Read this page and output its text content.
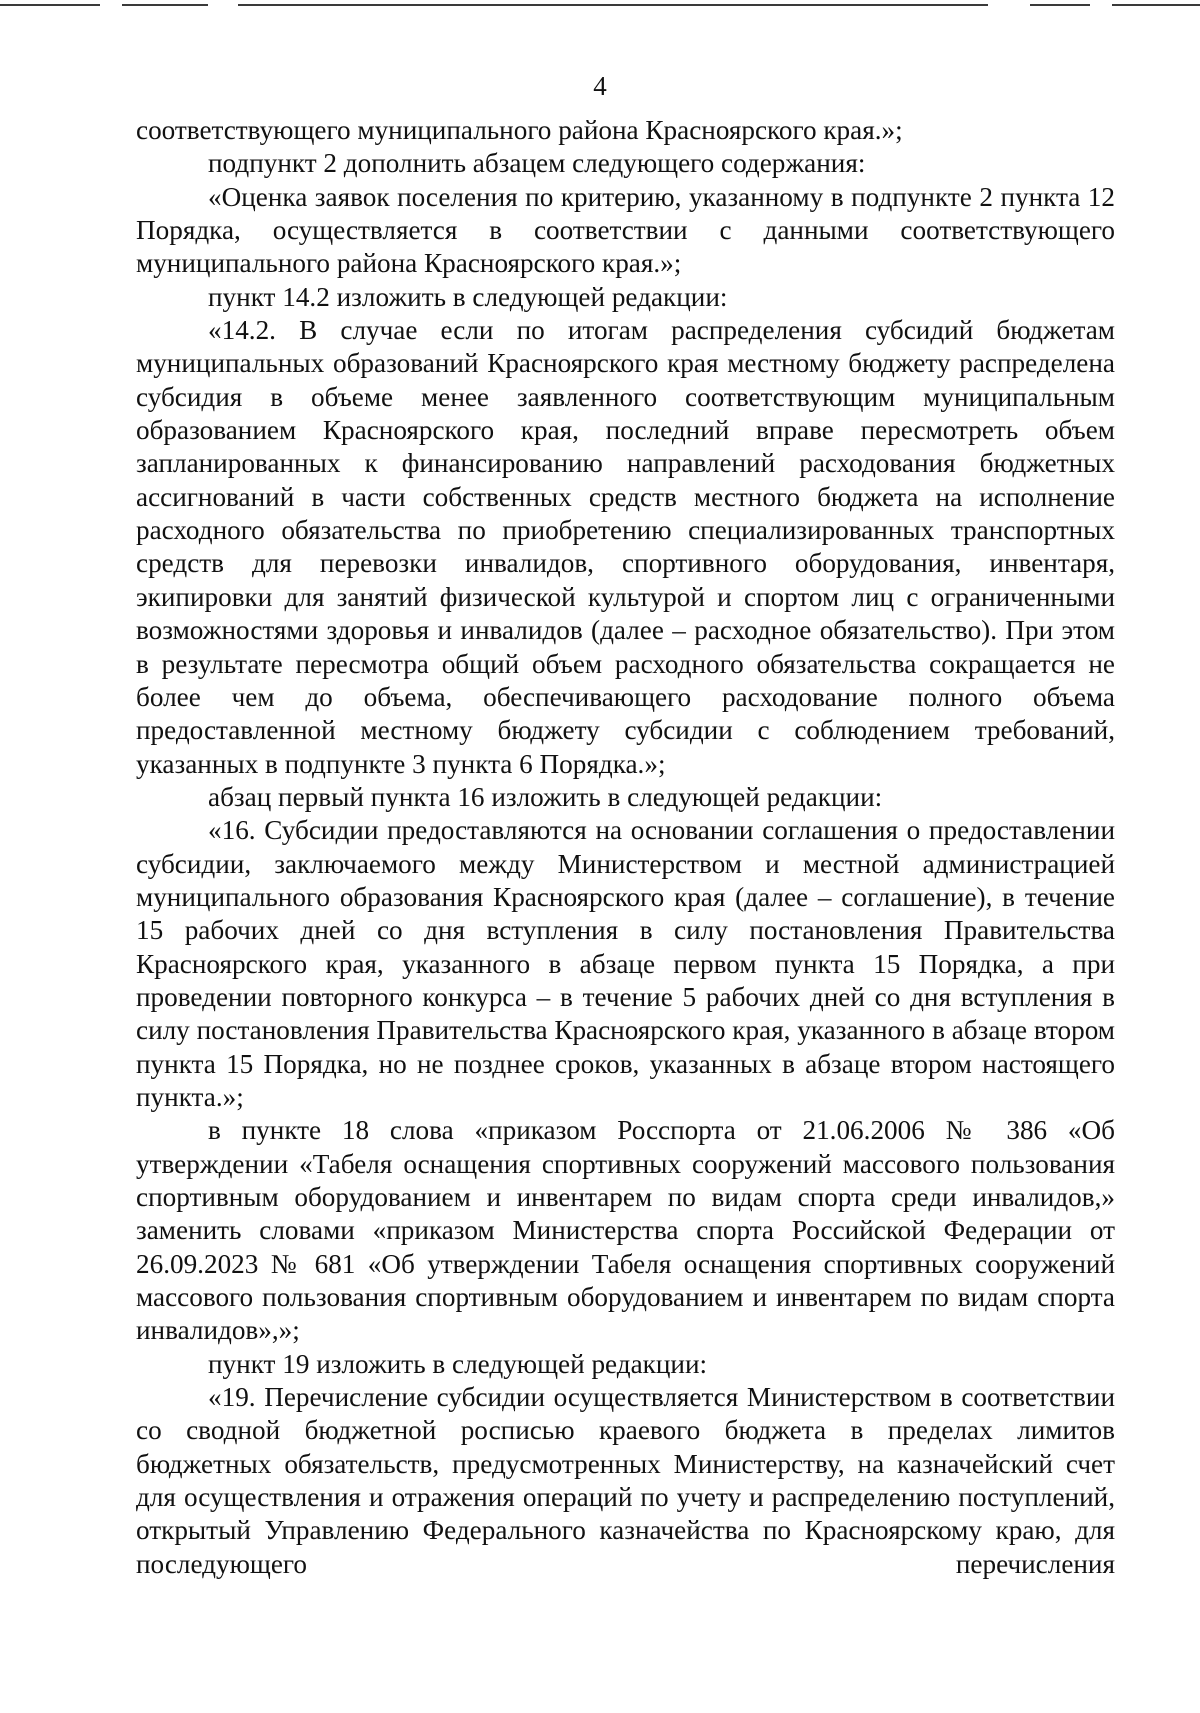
4

соответствующего муниципального района Красноярского края.»;

подпункт 2 дополнить абзацем следующего содержания:

«Оценка заявок поселения по критерию, указанному в подпункте 2 пункта 12 Порядка, осуществляется в соответствии с данными соответствующего муниципального района Красноярского края.»;

пункт 14.2 изложить в следующей редакции:

«14.2. В случае если по итогам распределения субсидий бюджетам муниципальных образований Красноярского края местному бюджету распределена субсидия в объеме менее заявленного соответствующим муниципальным образованием Красноярского края, последний вправе пересмотреть объем запланированных к финансированию направлений расходования бюджетных ассигнований в части собственных средств местного бюджета на исполнение расходного обязательства по приобретению специализированных транспортных средств для перевозки инвалидов, спортивного оборудования, инвентаря, экипировки для занятий физической культурой и спортом лиц с ограниченными возможностями здоровья и инвалидов (далее – расходное обязательство). При этом в результате пересмотра общий объем расходного обязательства сокращается не более чем до объема, обеспечивающего расходование полного объема предоставленной местному бюджету субсидии с соблюдением требований, указанных в подпункте 3 пункта 6 Порядка.»;

абзац первый пункта 16 изложить в следующей редакции:

«16. Субсидии предоставляются на основании соглашения о предоставлении субсидии, заключаемого между Министерством и местной администрацией муниципального образования Красноярского края (далее – соглашение), в течение 15 рабочих дней со дня вступления в силу постановления Правительства Красноярского края, указанного в абзаце первом пункта 15 Порядка, а при проведении повторного конкурса – в течение 5 рабочих дней со дня вступления в силу постановления Правительства Красноярского края, указанного в абзаце втором пункта 15 Порядка, но не позднее сроков, указанных в абзаце втором настоящего пункта.»;

в пункте 18 слова «приказом Росспорта от 21.06.2006 № 386 «Об утверждении «Табеля оснащения спортивных сооружений массового пользования спортивным оборудованием и инвентарем по видам спорта среди инвалидов,» заменить словами «приказом Министерства спорта Российской Федерации от 26.09.2023 № 681 «Об утверждении Табеля оснащения спортивных сооружений массового пользования спортивным оборудованием и инвентарем по видам спорта инвалидов»,»;

пункт 19 изложить в следующей редакции:

«19. Перечисление субсидии осуществляется Министерством в соответствии со сводной бюджетной росписью краевого бюджета в пределах лимитов бюджетных обязательств, предусмотренных Министерству, на казначейский счет для осуществления и отражения операций по учету и распределению поступлений, открытый Управлению Федерального казначейства по Красноярскому краю, для последующего перечисления
